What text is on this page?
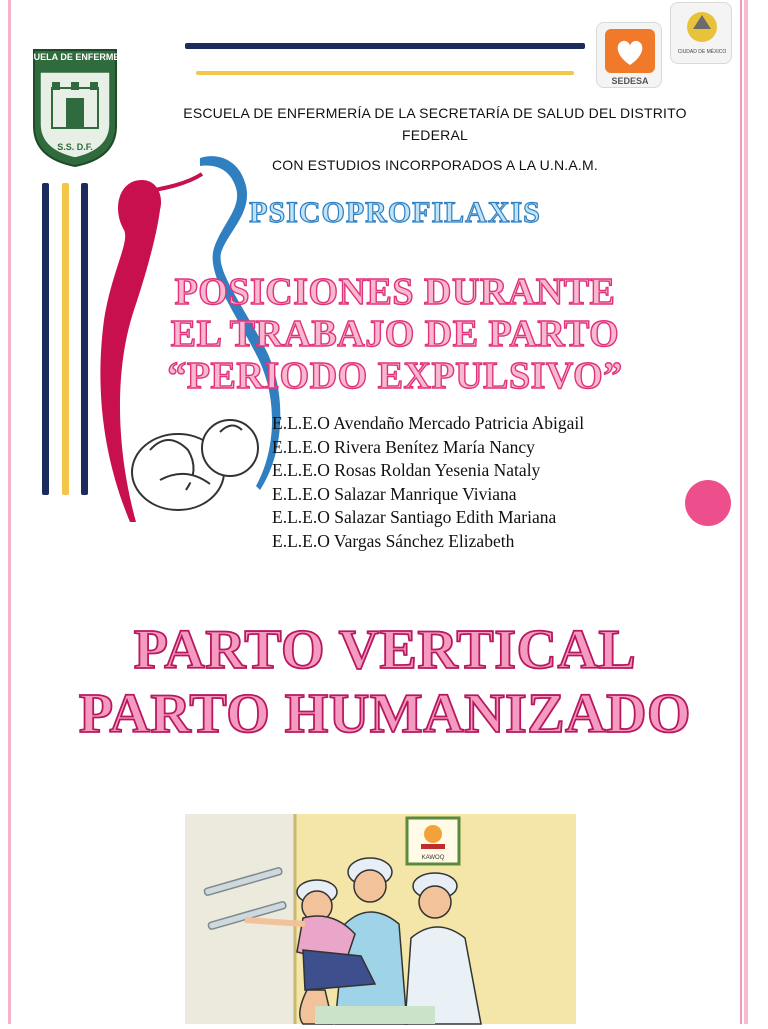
ESCUELA DE ENFERMERÍA
S.S. D.F.
SEDESA
CIUDAD DE MÉXICO
ESCUELA DE ENFERMERÍA DE LA SECRETARÍA DE SALUD DEL DISTRITO FEDERAL
CON ESTUDIOS INCORPORADOS A LA U.N.A.M.
PSICOPROFILAXIS
POSICIONES DURANTE
EL TRABAJO DE PARTO
“PERIODO EXPULSIVO”
E.L.E.O Avendaño Mercado Patricia Abigail
E.L.E.O Rivera Benítez María Nancy
E.L.E.O Rosas Roldan Yesenia Nataly
E.L.E.O Salazar Manrique Viviana
E.L.E.O Salazar Santiago Edith Mariana
E.L.E.O Vargas Sánchez Elizabeth
PARTO VERTICAL
PARTO HUMANIZADO
KAWOQ
